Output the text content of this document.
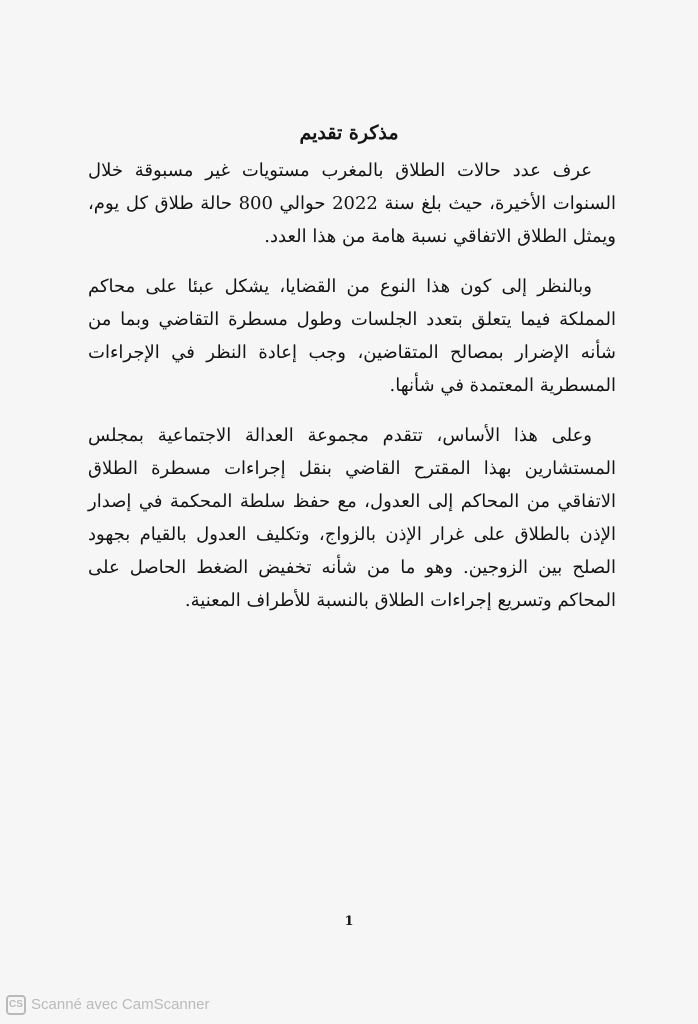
مذكرة تقديم

عرف عدد حالات الطلاق بالمغرب مستويات غير مسبوقة خلال السنوات الأخيرة، حيث بلغ سنة 2022 حوالي 800 حالة طلاق كل يوم، ويمثل الطلاق الاتفاقي نسبة هامة من هذا العدد.

وبالنظر إلى كون هذا النوع من القضايا، يشكل عبئا على محاكم المملكة فيما يتعلق بتعدد الجلسات وطول مسطرة التقاضي وبما من شأنه الإضرار بمصالح المتقاضين، وجب إعادة النظر في الإجراءات المسطرية المعتمدة في شأنها.

وعلى هذا الأساس، تتقدم مجموعة العدالة الاجتماعية بمجلس المستشارين بهذا المقترح القاضي بنقل إجراءات مسطرة الطلاق الاتفاقي من المحاكم إلى العدول، مع حفظ سلطة المحكمة في إصدار الإذن بالطلاق على غرار الإذن بالزواج، وتكليف العدول بالقيام بجهود الصلح بين الزوجين. وهو ما من شأنه تخفيض الضغط الحاصل على المحاكم وتسريع إجراءات الطلاق بالنسبة للأطراف المعنية.

1
CS Scanné avec CamScanner
